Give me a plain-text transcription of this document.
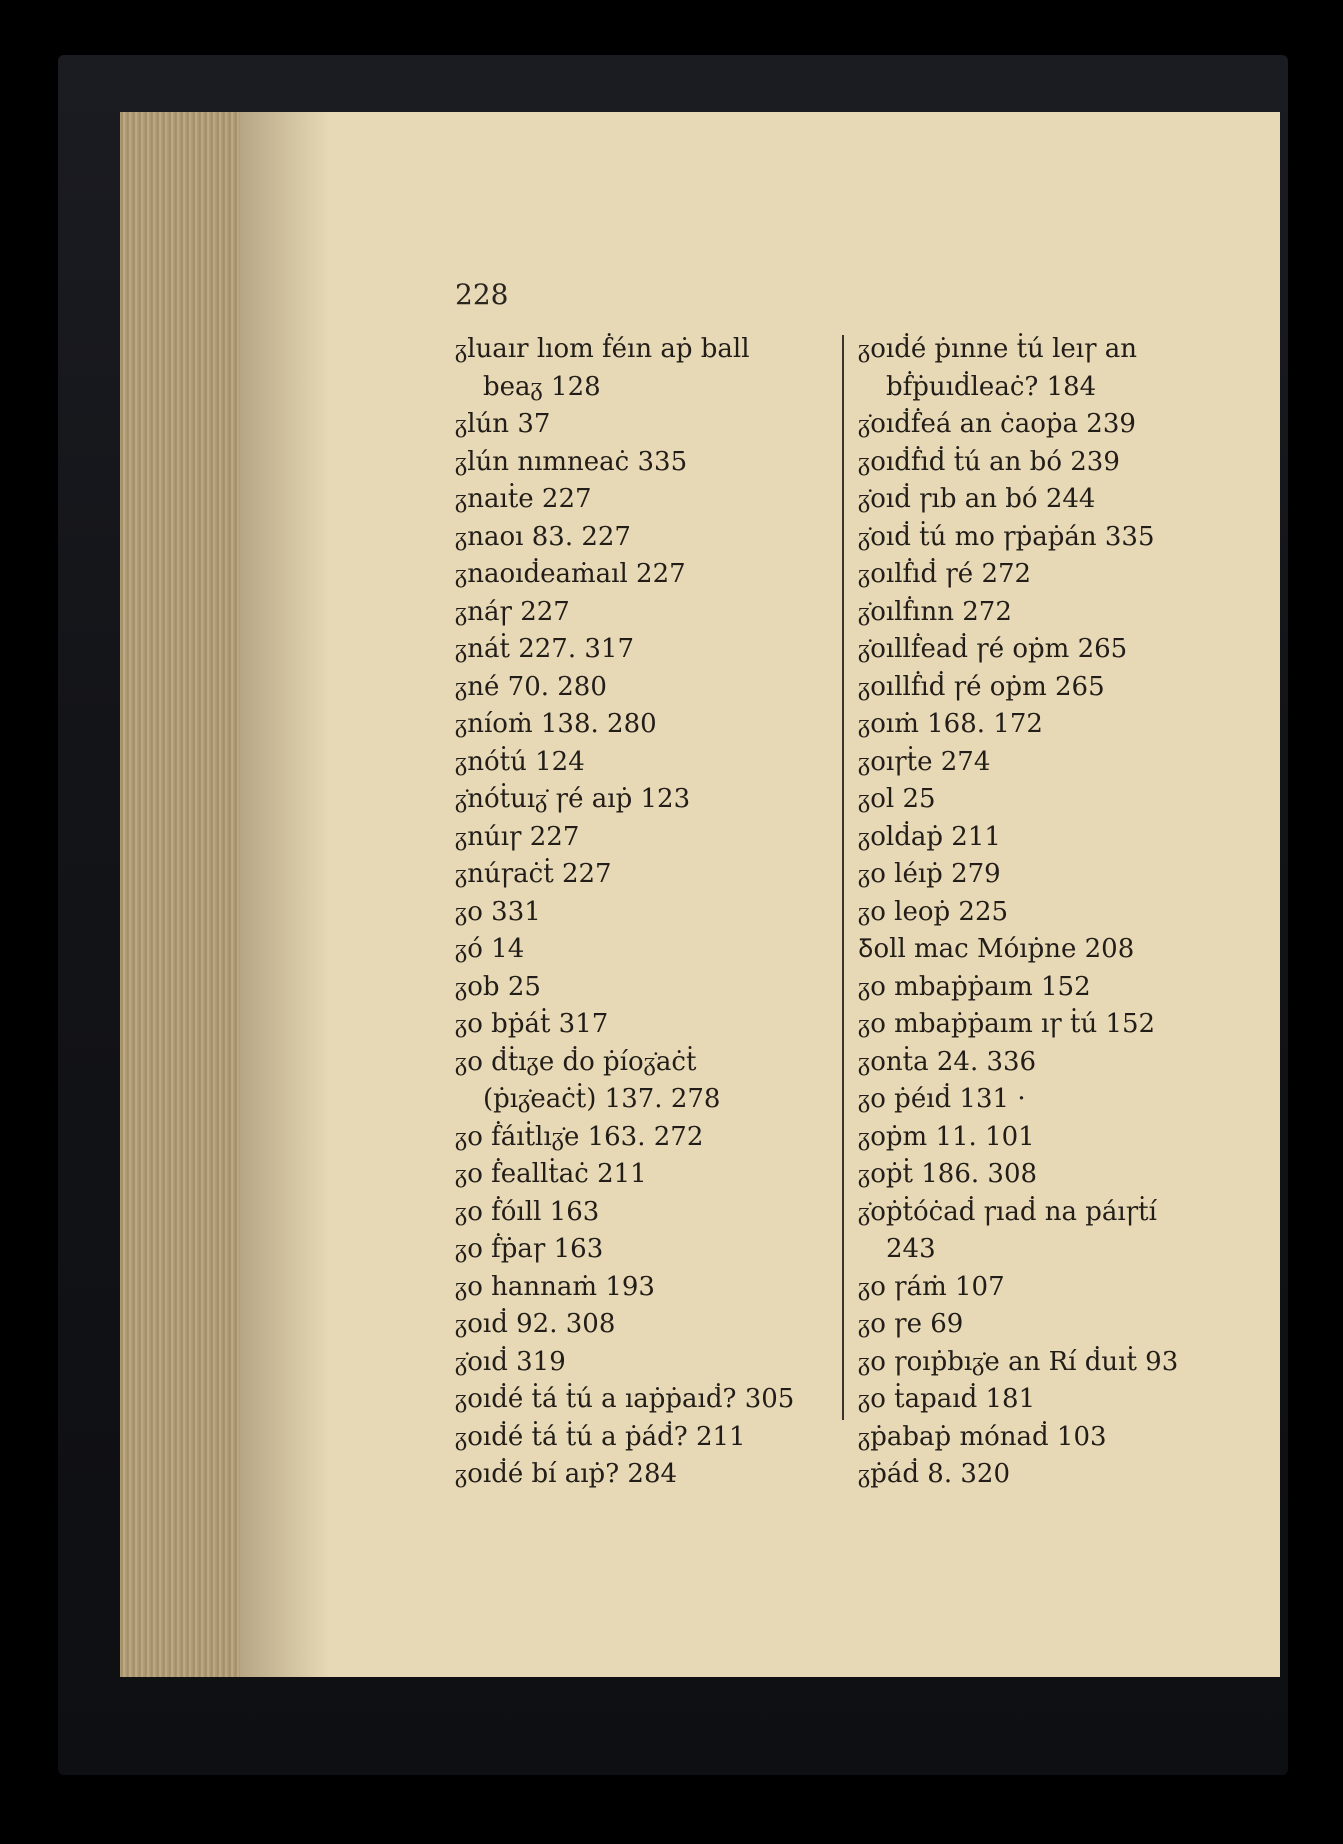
228
ᵹluaır lıom ḟéın aṗ ball
beaᵹ 128
ᵹlún 37
ᵹlún nımneaċ 335
ᵹnaıṫe 227
ᵹnaoı 83. 227
ᵹnaoıḋeaṁaıl 227
ᵹnáꞅ 227
ᵹnáṫ 227. 317
ᵹné 70. 280
ᵹníoṁ 138. 280
ᵹnóṫú 124
ᵹ̇nóṫuıᵹ̇ ꞅé aıṗ 123
ᵹnúıꞅ 227
ᵹnúꞅaċṫ 227
ᵹo 331
ᵹó 14
ᵹob 25
ᵹo bṗáṫ 317
ᵹo ḋṫıᵹe ḋo ṗíoᵹ̇aċṫ
(ṗıᵹ̇eaċṫ) 137. 278
ᵹo ḟáıṫlıᵹ̇e 163. 272
ᵹo ḟeallṫaċ 211
ᵹo ḟóıll 163
ᵹo ḟṗaꞅ 163
ᵹo hannaṁ 193
ᵹoıḋ 92. 308
ᵹ̇oıḋ 319
ᵹoıḋé ṫá ṫú a ıaṗṗaıḋ? 305
ᵹoıḋé ṫá ṫú a ṗáḋ? 211
ᵹoıḋé bí aıṗ? 284
ᵹoıḋé ṗınne ṫú leıꞅ an
bḟṗuıḋleaċ? 184
ᵹ̇oıḋḟeá an ċaoṗa 239
ᵹoıḋḟıḋ ṫú an bó 239
ᵹ̇oıḋ ꞅıb an bó 244
ᵹ̇oıḋ ṫú mo ꞅṗaṗán 335
ᵹoılḟıḋ ꞅé 272
ᵹ̇oılḟınn 272
ᵹ̇oıllḟeaḋ ꞅé oṗm 265
ᵹoıllḟıḋ ꞅé oṗm 265
ᵹoıṁ 168. 172
ᵹoıꞅṫe 274
ᵹol 25
ᵹolḋaṗ 211
ᵹo léıṗ 279
ᵹo leoṗ 225
Ᵹoll mac Móıṗne 208
ᵹo mbaṗṗaım 152
ᵹo mbaṗṗaım ıꞅ ṫú 152
ᵹonṫa 24. 336
ᵹo ṗéıḋ 131 ·
ᵹoṗm 11. 101
ᵹoṗṫ 186. 308
ᵹ̇oṗṫóċaḋ ꞅıaḋ na páıꞅṫí
243
ᵹo ꞅáṁ 107
ᵹo ꞅe 69
ᵹo ꞅoıṗbıᵹ̇e an Rí ḋuıṫ 93
ᵹo ṫapaıḋ 181
ᵹṗabaṗ mónaḋ 103
ᵹṗáḋ 8. 320
